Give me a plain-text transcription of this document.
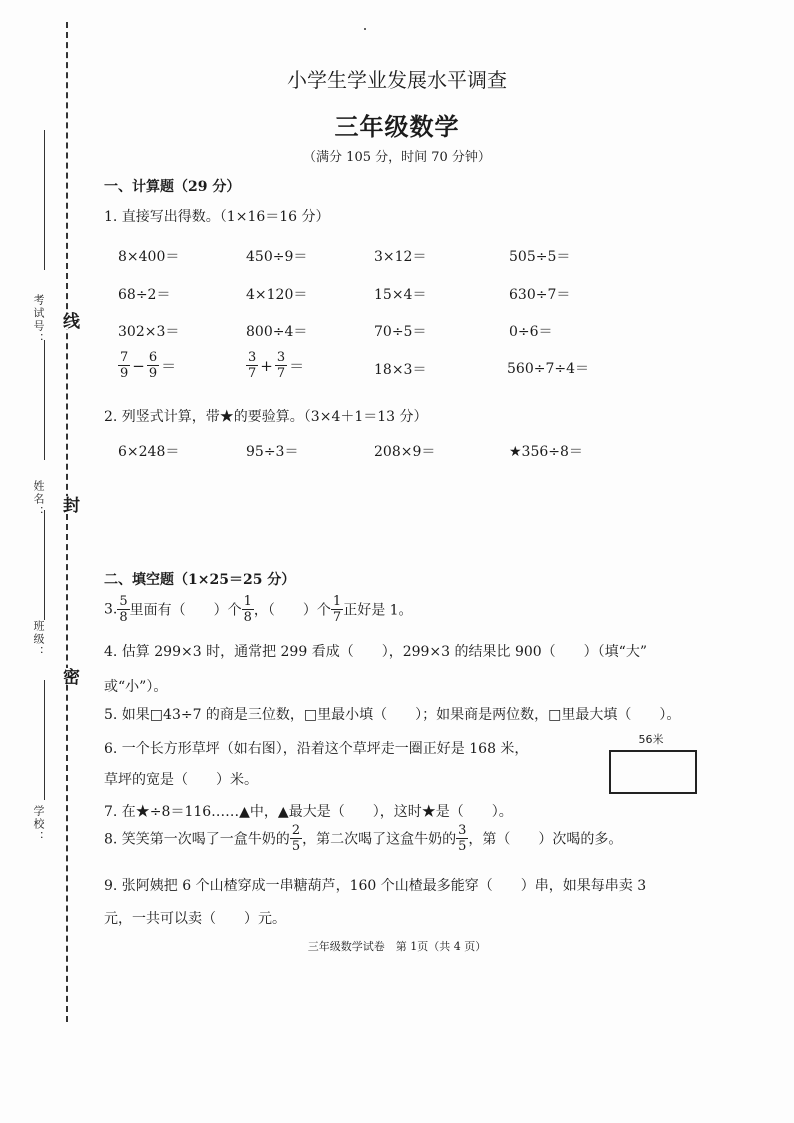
考试号：
姓名：
班级：
学校：
线
封
密
小学生学业发展水平调查
三年级数学
（满分 105 分，时间 70 分钟）
一、计算题（29 分）
1. 直接写出得数。（1×16＝16 分）
8×400＝	450÷9＝	3×12＝	505÷5＝
68÷2＝	4×120＝	15×4＝	630÷7＝
302×3＝	800÷4＝	70÷5＝	0÷6＝
$\frac{7}{9} - \frac{6}{9}$ ＝	$\frac{3}{7} + \frac{3}{7}$ ＝	18×3＝	560÷7÷4＝
2. 列竖式计算，带★的要验算。（3×4＋1＝13 分）
6×248＝	95÷3＝	208×9＝	★356÷8＝
二、填空题（1×25＝25 分）
3. $\frac{5}{8}$ 里面有（　　）个 $\frac{1}{8}$ ，（　　）个 $\frac{1}{7}$ 正好是 1。
4. 估算 299×3 时，通常把 299 看成（　　），299×3 的结果比 900（　　）（填“大”
或“小”）。
5. 如果□43÷7 的商是三位数，□里最小填（　　）；如果商是两位数，□里最大填（　　）。
6. 一个长方形草坪（如右图），沿着这个草坪走一圈正好是 168 米，
草坪的宽是（　　）米。
56米
7. 在★÷8＝116……▲中，▲最大是（　　），这时★是（　　）。
8. 笑笑第一次喝了一盒牛奶的 $\frac{2}{5}$ ，第二次喝了这盒牛奶的 $\frac{3}{5}$ ，第（　　）次喝的多。
9. 张阿姨把 6 个山楂穿成一串糖葫芦，160 个山楂最多能穿（　　）串，如果每串卖 3
元，一共可以卖（　　）元。
三年级数学试卷　第 1页（共 4 页）
